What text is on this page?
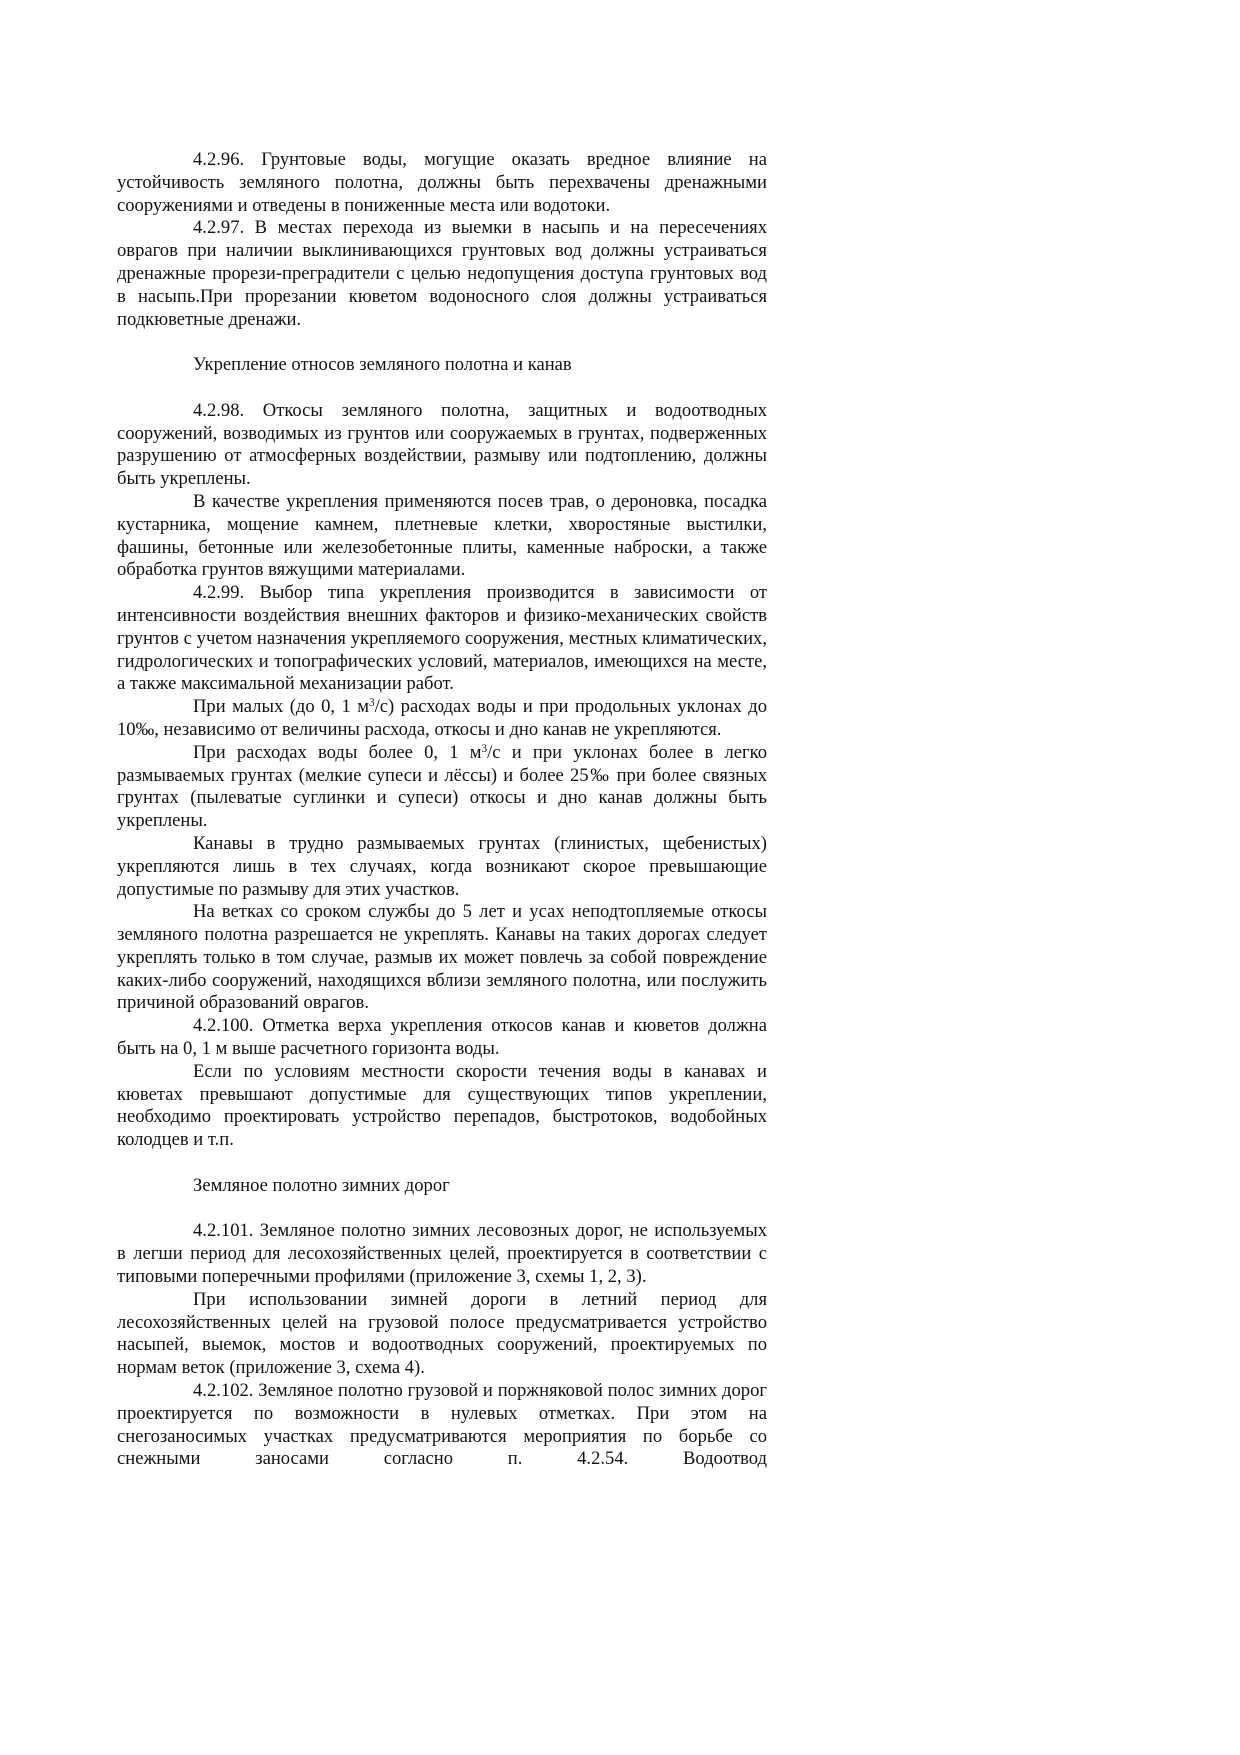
4.2.96. Грунтовые воды, могущие оказать вредное влияние на устойчивость земляного полотна, должны быть перехвачены дренажными сооружениями и отведены в пониженные места или водотоки.

4.2.97. В местах перехода из выемки в насыпь и на пересечениях оврагов при наличии выклинивающихся грунтовых вод должны устраиваться дренажные прорези-преградители с целью недопущения доступа грунтовых вод в насыпь.При прорезании кюветом водоносного слоя должны устраиваться подкюветные дренажи.

Укрепление относов земляного полотна и канав

4.2.98. Откосы земляного полотна, защитных и водоотводных сооружений, возводимых из грунтов или сооружаемых в грунтах, подверженных разрушению от атмосферных воздействии, размыву или подтоплению, должны быть укреплены.

В качестве укрепления применяются посев трав, о дероновка, посадка кустарника, мощение камнем, плетневые клетки, хворостяные выстилки, фашины, бетонные или железобетонные плиты, каменные наброски, а также обработка грунтов вяжущими материалами.

4.2.99. Выбор типа укрепления производится в зависимости от интенсивности воздействия внешних факторов и физико-механических свойств грунтов с учетом назначения укрепляемого сооружения, местных климатических, гидрологических и топографических условий, материалов, имеющихся на месте, а также максимальной механизации работ.

При малых (до 0, 1 $м^3/с$) расходах воды и при продольных уклонах до 10‰, независимо от величины расхода, откосы и дно канав не укрепляются.

При расходах воды более 0, 1 $м^3/с$ и при уклонах более в легко размываемых грунтах (мелкие супеси и лёссы) и более 25‰ при более связных грунтах (пылеватые суглинки и супеси) откосы и дно канав должны быть укреплены.

Канавы в трудно размываемых грунтах (глинистых, щебенистых) укрепляются лишь в тех случаях, когда возникают скорое превышающие допустимые по размыву для этих участков.

На ветках со сроком службы до 5 лет и усах неподтопляемые откосы земляного полотна разрешается не укреплять. Канавы на таких дорогах следует укреплять только в том случае, размыв их может повлечь за собой повреждение каких-либо сооружений, находящихся вблизи земляного полотна, или послужить причиной образований оврагов.

4.2.100. Отметка верха укрепления откосов канав и кюветов должна быть на 0, 1 м выше расчетного горизонта воды.

Если по условиям местности скорости течения воды в канавах и кюветах превышают допустимые для существующих типов укреплении, необходимо проектировать устройство перепадов, быстротоков, водобойных колодцев и т.п.

Земляное полотно зимних дорог

4.2.101. Земляное полотно зимних лесовозных дорог, не используемых в легши период для лесохозяйственных целей, проектируется в соответствии с типовыми поперечными профилями (приложение 3, схемы 1, 2, 3).

При использовании зимней дороги в летний период для лесохозяйственных целей на грузовой полосе предусматривается устройство насыпей, выемок, мостов и водоотводных сооружений, проектируемых по нормам веток (приложение 3, схема 4).

4.2.102. Земляное полотно грузовой и поржняковой полос зимних дорог проектируется по возможности в нулевых отметках. При этом на снегозаносимых участках предусматриваются мероприятия по борьбе со снежными заносами согласно п. 4.2.54. Водоотвод
